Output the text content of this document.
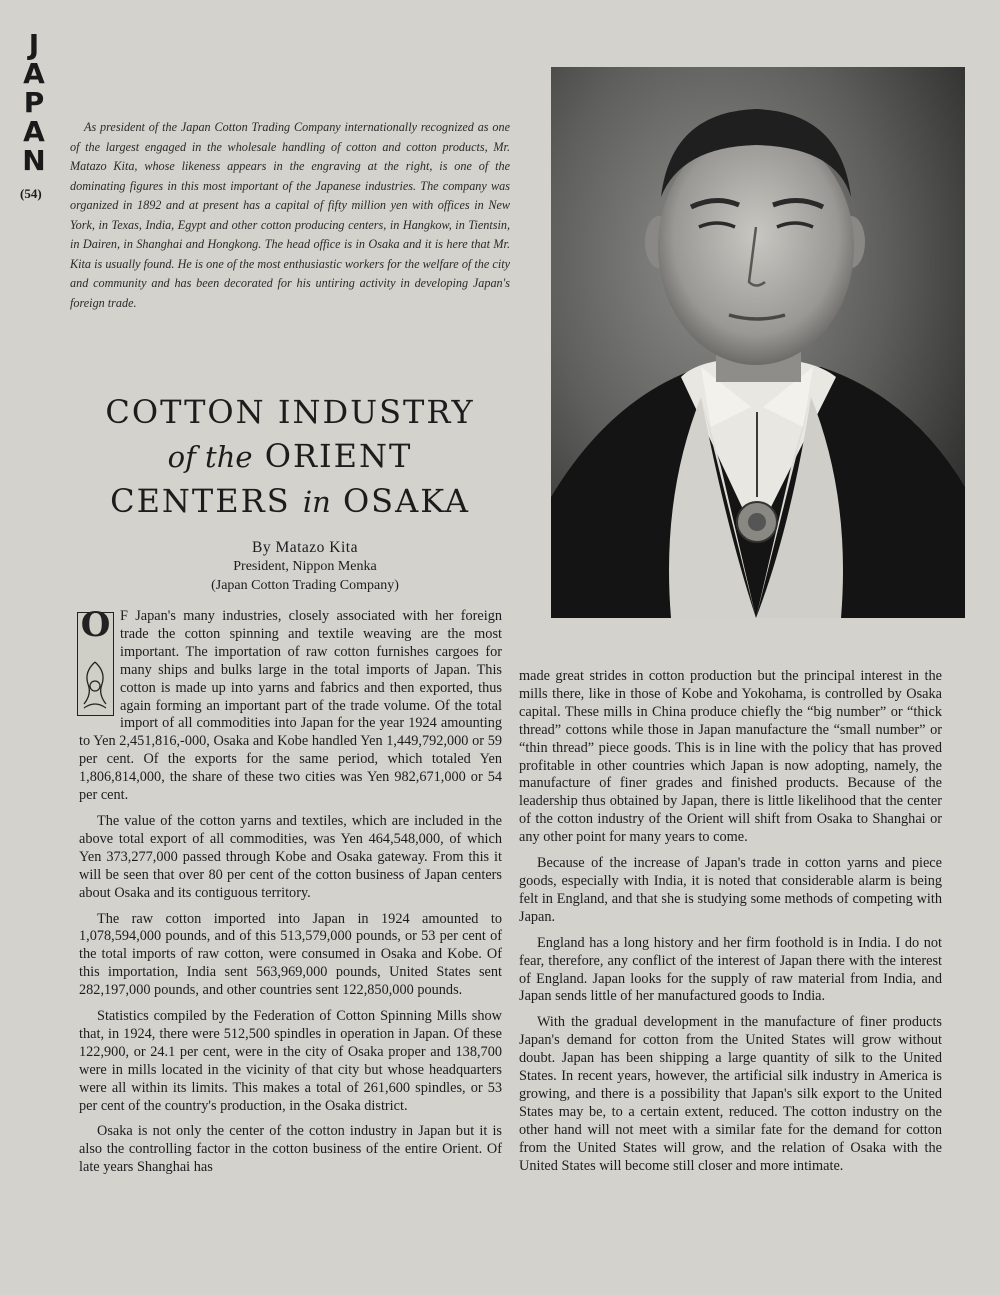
J
A
P
A
N
(54)
As president of the Japan Cotton Trading Company internationally recognized as one of the largest engaged in the wholesale handling of cotton and cotton products, Mr. Matazo Kita, whose likeness appears in the engraving at the right, is one of the dominating figures in this most important of the Japanese industries. The company was organized in 1892 and at present has a capital of fifty million yen with offices in New York, in Texas, India, Egypt and other cotton producing centers, in Hangkow, in Tientsin, in Dairen, in Shanghai and Hongkong. The head office is in Osaka and it is here that Mr. Kita is usually found. He is one of the most enthusiastic workers for the welfare of the city and community and has been decorated for his untiring activity in developing Japan's foreign trade.
COTTON INDUSTRY
of the ORIENT
CENTERS in OSAKA
By Matazo Kita
President, Nippon Menka
(Japan Cotton Trading Company)
O F Japan's many industries, closely associated with her foreign trade the cotton spinning and textile weaving are the most important. The importation of raw cotton furnishes cargoes for many ships and bulks large in the total imports of Japan. This cotton is made up into yarns and fabrics and then exported, thus again forming an important part of the trade volume. Of the total import of all commodities into Japan for the year 1924 amounting to Yen 2,451,816,-000, Osaka and Kobe handled Yen 1,449,792,000 or 59 per cent. Of the exports for the same period, which totaled Yen 1,806,814,000, the share of these two cities was Yen 982,671,000 or 54 per cent.

The value of the cotton yarns and textiles, which are included in the above total export of all commodities, was Yen 464,548,000, of which Yen 373,277,000 passed through Kobe and Osaka gateway. From this it will be seen that over 80 per cent of the cotton business of Japan centers about Osaka and its contiguous territory.

The raw cotton imported into Japan in 1924 amounted to 1,078,594,000 pounds, and of this 513,579,000 pounds, or 53 per cent of the total imports of raw cotton, were consumed in Osaka and Kobe. Of this importation, India sent 563,969,000 pounds, United States sent 282,197,000 pounds, and other countries sent 122,850,000 pounds.

Statistics compiled by the Federation of Cotton Spinning Mills show that, in 1924, there were 512,500 spindles in operation in Japan. Of these 122,900, or 24.1 per cent, were in the city of Osaka proper and 138,700 were in mills located in the vicinity of that city but whose headquarters were all within its limits. This makes a total of 261,600 spindles, or 53 per cent of the country's production, in the Osaka district.

Osaka is not only the center of the cotton industry in Japan but it is also the controlling factor in the cotton business of the entire Orient. Of late years Shanghai has

made great strides in cotton production but the principal interest in the mills there, like in those of Kobe and Yokohama, is controlled by Osaka capital. These mills in China produce chiefly the “big number” or “thick thread” cottons while those in Japan manufacture the “small number” or “thin thread” piece goods. This is in line with the policy that has proved profitable in other countries which Japan is now adopting, namely, the manufacture of finer grades and finished products. Because of the leadership thus obtained by Japan, there is little likelihood that the center of the cotton industry of the Orient will shift from Osaka to Shanghai or any other point for many years to come.

Because of the increase of Japan's trade in cotton yarns and piece goods, especially with India, it is noted that considerable alarm is being felt in England, and that she is studying some methods of competing with Japan.

England has a long history and her firm foothold is in India. I do not fear, therefore, any conflict of the interest of Japan there with the interest of England. Japan looks for the supply of raw material from India, and Japan sends little of her manufactured goods to India.

With the gradual development in the manufacture of finer products Japan's demand for cotton from the United States will grow without doubt. Japan has been shipping a large quantity of silk to the United States. In recent years, however, the artificial silk industry in America is growing, and there is a possibility that Japan's silk export to the United States may be, to a certain extent, reduced. The cotton industry on the other hand will not meet with a similar fate for the demand for cotton from the United States will grow, and the relation of Osaka with the United States will become still closer and more intimate.
